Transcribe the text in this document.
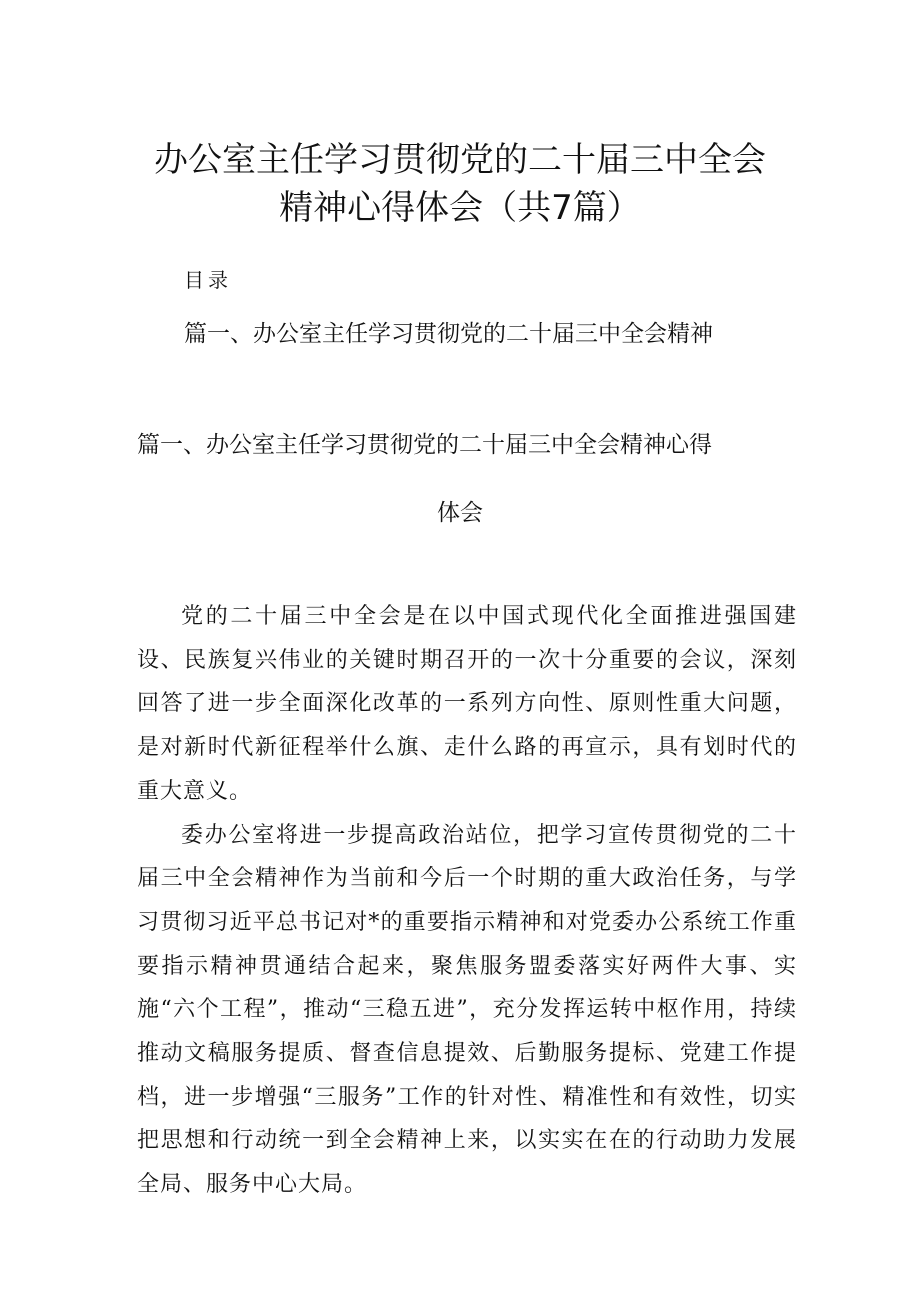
办公室主任学习贯彻党的二十届三中全会
精神心得体会（共7篇）
目录
篇一、办公室主任学习贯彻党的二十届三中全会精神
篇一、办公室主任学习贯彻党的二十届三中全会精神心得
体会

党的二十届三中全会是在以中国式现代化全面推进强国建设、民族复兴伟业的关键时期召开的一次十分重要的会议，深刻回答了进一步全面深化改革的一系列方向性、原则性重大问题，是对新时代新征程举什么旗、走什么路的再宣示，具有划时代的重大意义。

委办公室将进一步提高政治站位，把学习宣传贯彻党的二十届三中全会精神作为当前和今后一个时期的重大政治任务，与学习贯彻习近平总书记对*的重要指示精神和对党委办公系统工作重要指示精神贯通结合起来，聚焦服务盟委落实好两件大事、实施“六个工程”，推动“三稳五进”，充分发挥运转中枢作用，持续推动文稿服务提质、督查信息提效、后勤服务提标、党建工作提档，进一步增强“三服务”工作的针对性、精准性和有效性，切实把思想和行动统一到全会精神上来，以实实在在的行动助力发展全局、服务中心大局。
